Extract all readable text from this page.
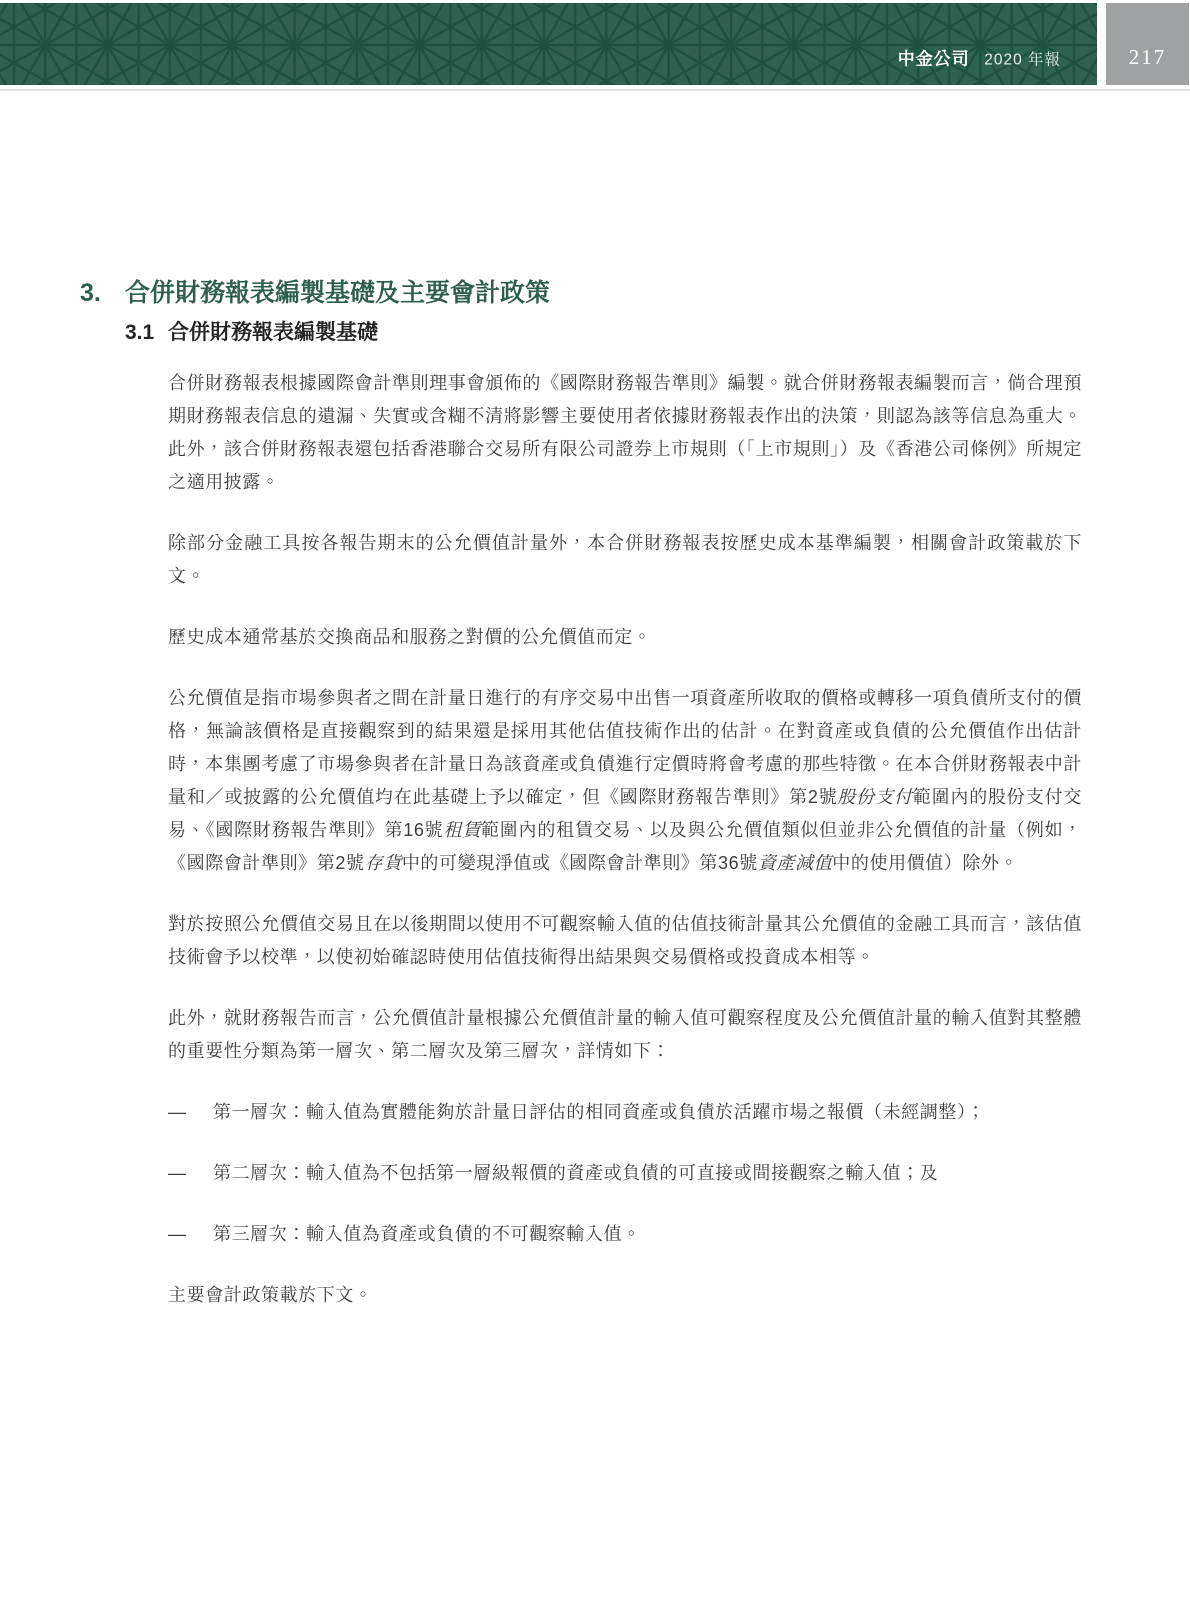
中金公司 2020 年報	217
3. 合併財務報表編製基礎及主要會計政策
3.1 合併財務報表編製基礎

合併財務報表根據國際會計準則理事會頒佈的《國際財務報告準則》編製。就合併財務報表編製而言，倘合理預期財務報表信息的遺漏、失實或含糊不清將影響主要使用者依據財務報表作出的決策，則認為該等信息為重大。此外，該合併財務報表還包括香港聯合交易所有限公司證券上市規則（「上市規則」）及《香港公司條例》所規定之適用披露。

除部分金融工具按各報告期末的公允價值計量外，本合併財務報表按歷史成本基準編製，相關會計政策載於下文。

歷史成本通常基於交換商品和服務之對價的公允價值而定。

公允價值是指市場參與者之間在計量日進行的有序交易中出售一項資產所收取的價格或轉移一項負債所支付的價格，無論該價格是直接觀察到的結果還是採用其他估值技術作出的估計。在對資產或負債的公允價值作出估計時，本集團考慮了市場參與者在計量日為該資產或負債進行定價時將會考慮的那些特徵。在本合併財務報表中計量和／或披露的公允價值均在此基礎上予以確定，但《國際財務報告準則》第2號股份支付範圍內的股份支付交易、《國際財務報告準則》第16號租賃範圍內的租賃交易、以及與公允價值類似但並非公允價值的計量（例如，《國際會計準則》第2號存貨中的可變現淨值或《國際會計準則》第36號資產減值中的使用價值）除外。

對於按照公允價值交易且在以後期間以使用不可觀察輸入值的估值技術計量其公允價值的金融工具而言，該估值技術會予以校準，以使初始確認時使用估值技術得出結果與交易價格或投資成本相等。

此外，就財務報告而言，公允價值計量根據公允價值計量的輸入值可觀察程度及公允價值計量的輸入值對其整體的重要性分類為第一層次、第二層次及第三層次，詳情如下：

—	第一層次：輸入值為實體能夠於計量日評估的相同資產或負債於活躍市場之報價（未經調整）；
—	第二層次：輸入值為不包括第一層級報價的資產或負債的可直接或間接觀察之輸入值；及
—	第三層次：輸入值為資產或負債的不可觀察輸入值。

主要會計政策載於下文。
